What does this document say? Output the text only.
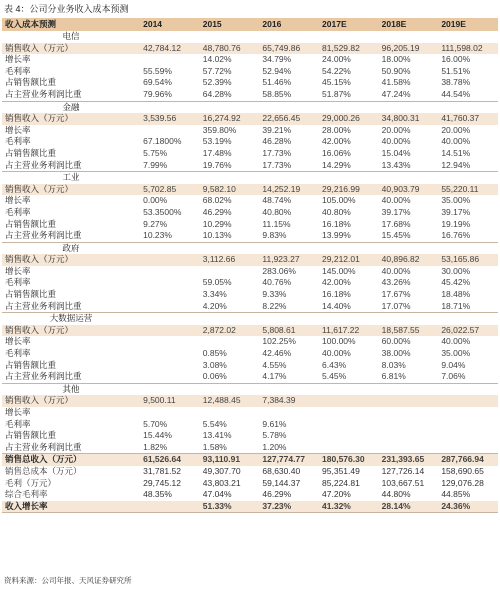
表 4：公司分业务收入成本预测
收入成本预测	2014	2015	2016	2017E	2018E	2019E
电信						
销售收入（万元）	42,784.12	48,780.76	65,749.86	81,529.82	96,205.19	111,598.02
增长率		14.02%	34.79%	24.00%	18.00%	16.00%
毛利率	55.59%	57.72%	52.94%	54.22%	50.90%	51.51%
占销售额比重	69.54%	52.39%	51.46%	45.15%	41.58%	38.78%
占主营业务利润比重	79.96%	64.28%	58.85%	51.87%	47.24%	44.54%
金融						
销售收入（万元）	3,539.56	16,274.92	22,656.45	29,000.26	34,800.31	41,760.37
增长率		359.80%	39.21%	28.00%	20.00%	20.00%
毛利率	67.1800%	53.19%	46.28%	42.00%	40.00%	40.00%
占销售额比重	5.75%	17.48%	17.73%	16.06%	15.04%	14.51%
占主营业务利润比重	7.99%	19.76%	17.73%	14.29%	13.43%	12.94%
工业						
销售收入（万元）	5,702.85	9,582.10	14,252.19	29,216.99	40,903.79	55,220.11
增长率	0.00%	68.02%	48.74%	105.00%	40.00%	35.00%
毛利率	53.3500%	46.29%	40.80%	40.80%	39.17%	39.17%
占销售额比重	9.27%	10.29%	11.15%	16.18%	17.68%	19.19%
占主营业务利润比重	10.23%	10.13%	9.83%	13.99%	15.45%	16.76%
政府						
销售收入（万元）		3,112.66	11,923.27	29,212.01	40,896.82	53,165.86
增长率			283.06%	145.00%	40.00%	30.00%
毛利率		59.05%	40.76%	42.00%	43.26%	45.42%
占销售额比重		3.34%	9.33%	16.18%	17.67%	18.48%
占主营业务利润比重		4.20%	8.22%	14.40%	17.07%	18.71%
大数据运营						
销售收入（万元）		2,872.02	5,808.61	11,617.22	18,587.55	26,022.57
增长率			102.25%	100.00%	60.00%	40.00%
毛利率		0.85%	42.46%	40.00%	38.00%	35.00%
占销售额比重		3.08%	4.55%	6.43%	8.03%	9.04%
占主营业务利润比重		0.06%	4.17%	5.45%	6.81%	7.06%
其他						
销售收入（万元）	9,500.11	12,488.45	7,384.39			
增长率						
毛利率	5.70%	5.54%	9.61%			
占销售额比重	15.44%	13.41%	5.78%			
占主营业务利润比重	1.82%	1.58%	1.20%			
销售总收入（万元）	61,526.64	93,110.91	127,774.77	180,576.30	231,393.65	287,766.94
销售总成本（万元）	31,781.52	49,307.70	68,630.40	95,351.49	127,726.14	158,690.65
毛利（万元）	29,745.12	43,803.21	59,144.37	85,224.81	103,667.51	129,076.28
综合毛利率	48.35%	47.04%	46.29%	47.20%	44.80%	44.85%
收入增长率		51.33%	37.23%	41.32%	28.14%	24.36%
资料来源：公司年报、天风证券研究所
